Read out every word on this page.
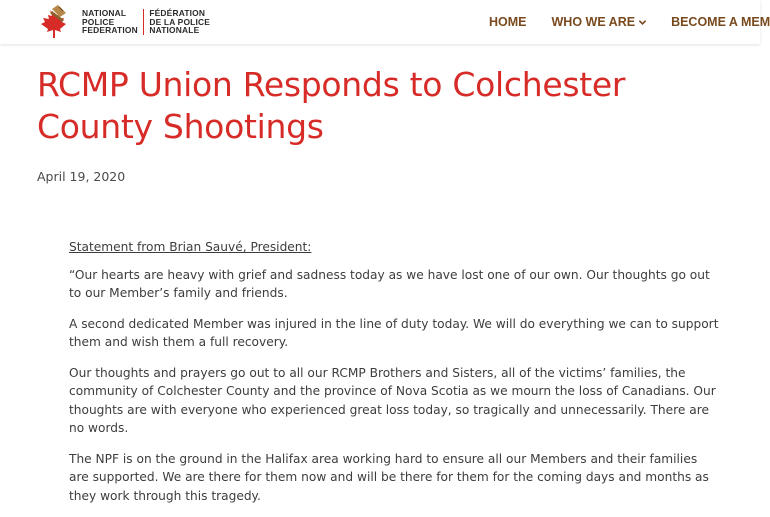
NATIONAL
POLICE
FEDERATION
FÉDÉRATION
DE LA POLICE
NATIONALE
HOME WHO WE ARE	BECOME A MEM
RCMP Union Responds to Colchester County Shootings
April 19, 2020

Statement from Brian Sauvé, President:

“Our hearts are heavy with grief and sadness today as we have lost one of our own. Our thoughts go out to our Member’s family and friends.

A second dedicated Member was injured in the line of duty today. We will do everything we can to support them and wish them a full recovery.

Our thoughts and prayers go out to all our RCMP Brothers and Sisters, all of the victims’ families, the community of Colchester County and the province of Nova Scotia as we mourn the loss of Canadians. Our thoughts are with everyone who experienced great loss today, so tragically and unnecessarily. There are no words.

The NPF is on the ground in the Halifax area working hard to ensure all our Members and their families are supported. We are there for them now and will be there for them for the coming days and months as they work through this tragedy.
